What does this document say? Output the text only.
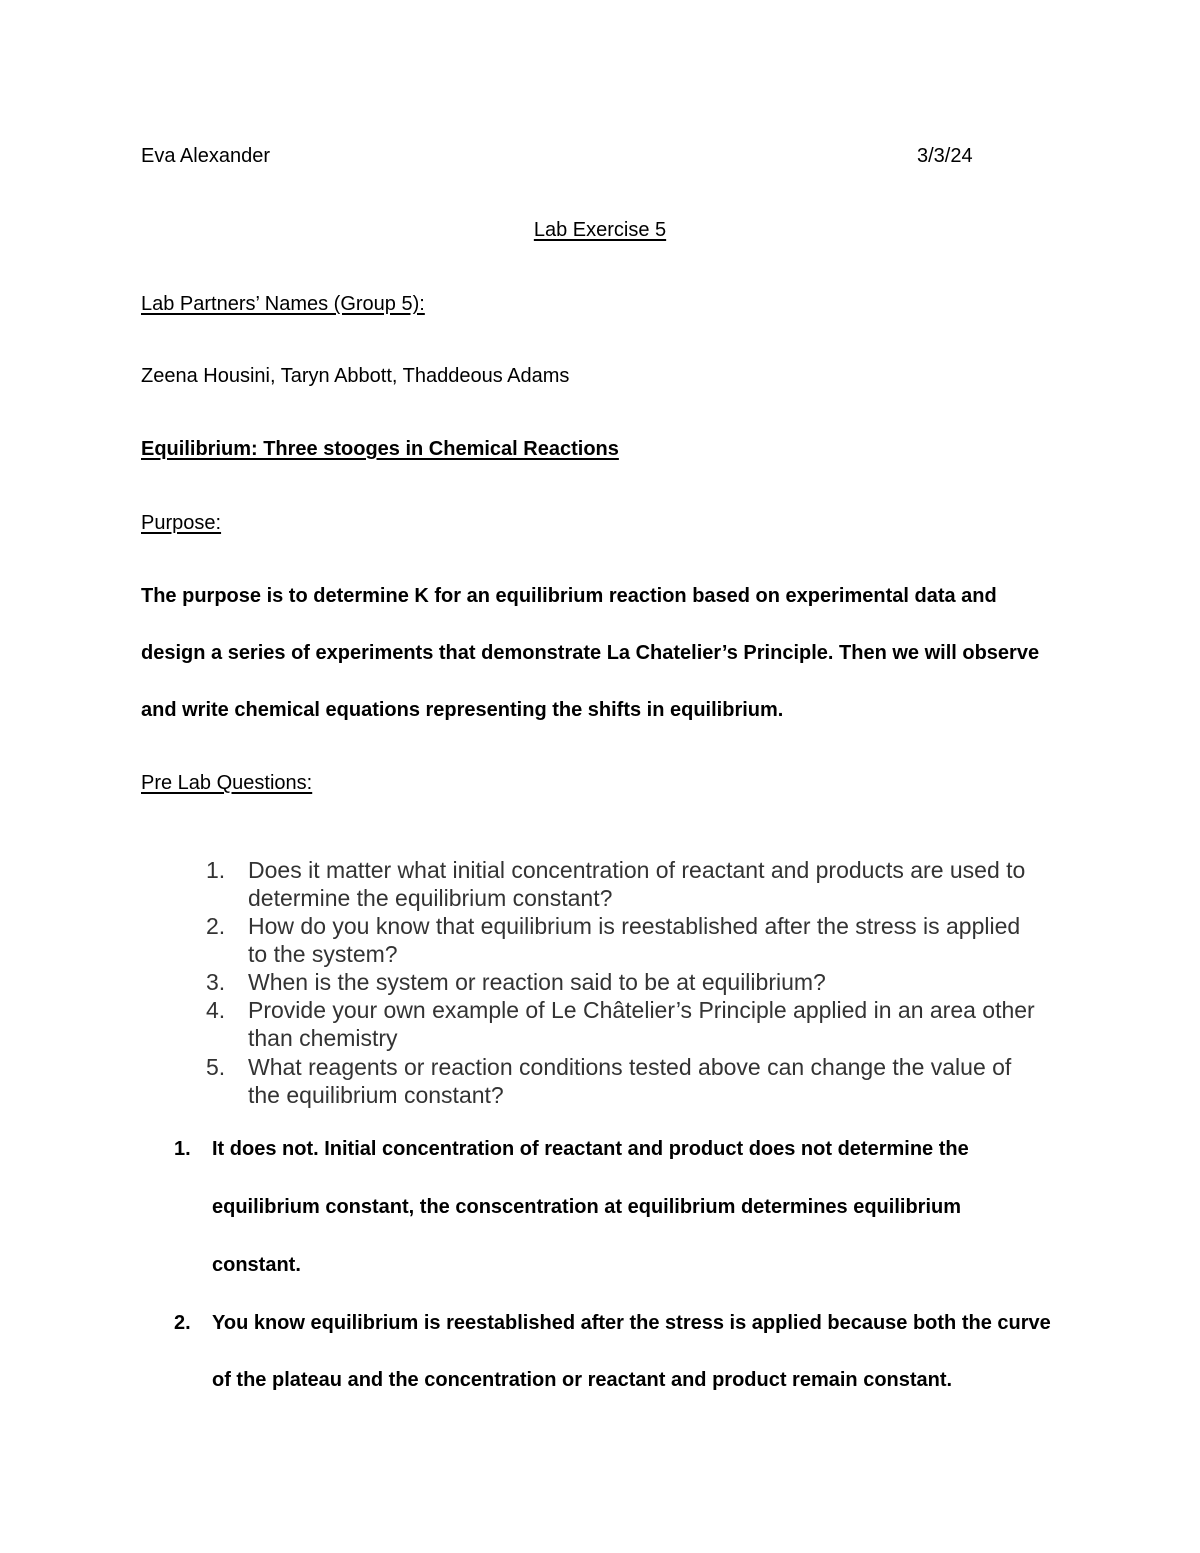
Eva Alexander	3/3/24
Lab Exercise 5
Lab Partners’ Names (Group 5):
Zeena Housini, Taryn Abbott, Thaddeous Adams
Equilibrium: Three stooges in Chemical Reactions
Purpose:
The purpose is to determine K for an equilibrium reaction based on experimental data and
design a series of experiments that demonstrate La Chatelier’s Principle. Then we will observe
and write chemical equations representing the shifts in equilibrium.
Pre Lab Questions:
1. Does it matter what initial concentration of reactant and products are used to
determine the equilibrium constant?
2. How do you know that equilibrium is reestablished after the stress is applied
to the system?
3. When is the system or reaction said to be at equilibrium?
4. Provide your own example of Le Châtelier’s Principle applied in an area other
than chemistry
5. What reagents or reaction conditions tested above can change the value of
the equilibrium constant?
1.	It does not. Initial concentration of reactant and product does not determine the
equilibrium constant, the conscentration at equilibrium determines equilibrium
constant.
2.	You know equilibrium is reestablished after the stress is applied because both the curve
of the plateau and the concentration or reactant and product remain constant.
